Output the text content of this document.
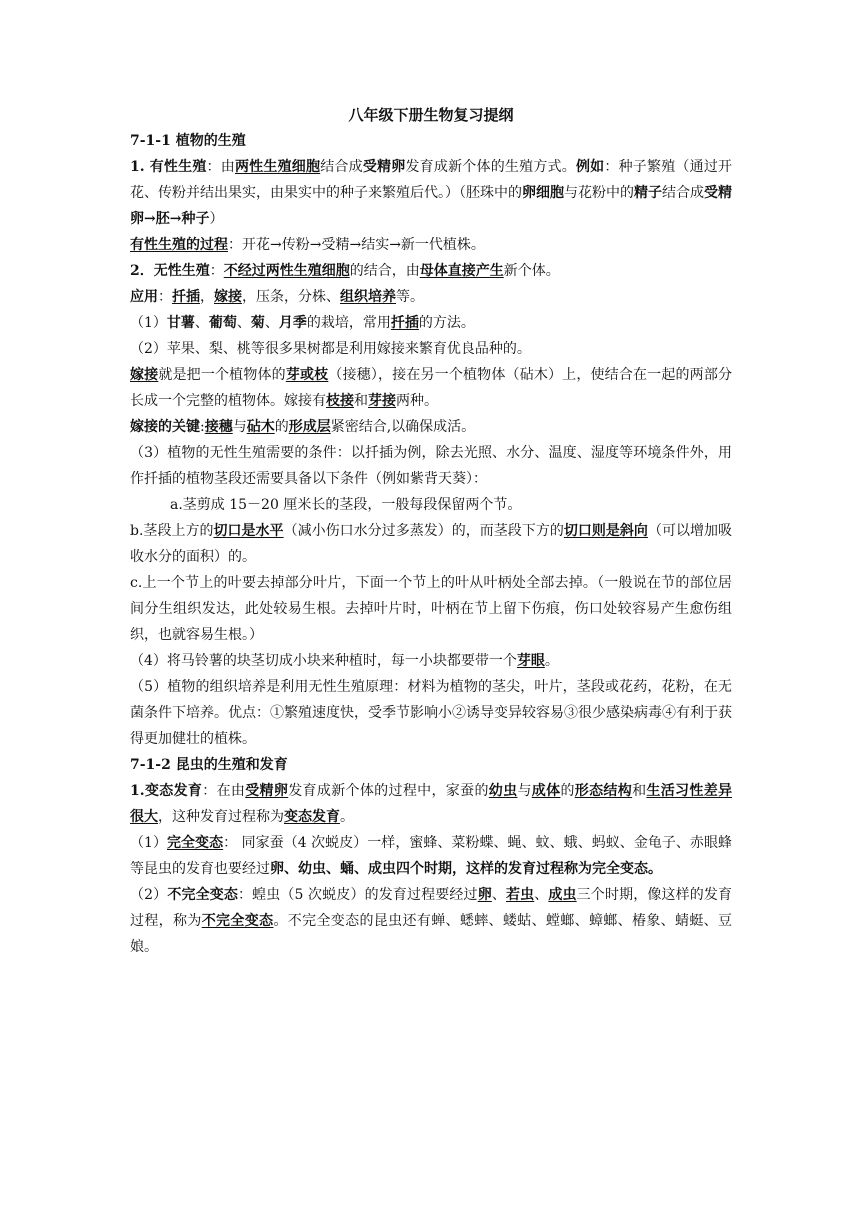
八年级下册生物复习提纲

7-1-1 植物的生殖

1. 有性生殖：由两性生殖细胞结合成受精卵发育成新个体的生殖方式。例如：种子繁殖（通过开花、传粉并结出果实，由果实中的种子来繁殖后代。）（胚珠中的卵细胞与花粉中的精子结合成受精卵→胚→种子）

有性生殖的过程：开花→传粉→受精→结实→新一代植株。

2．无性生殖：不经过两性生殖细胞的结合，由母体直接产生新个体。

应用：扦插，嫁接，压条，分株、组织培养等。

（1）甘薯、葡萄、菊、月季的栽培，常用扦插的方法。

（2）苹果、梨、桃等很多果树都是利用嫁接来繁育优良品种的。

嫁接就是把一个植物体的芽或枝（接穗），接在另一个植物体（砧木）上，使结合在一起的两部分长成一个完整的植物体。嫁接有枝接和芽接两种。

嫁接的关键:接穗与砧木的形成层紧密结合,以确保成活。

（3）植物的无性生殖需要的条件：以扦插为例，除去光照、水分、温度、湿度等环境条件外，用作扦插的植物茎段还需要具备以下条件（例如紫背天葵）：

a.茎剪成 15－20 厘米长的茎段，一般每段保留两个节。

b.茎段上方的切口是水平（减小伤口水分过多蒸发）的，而茎段下方的切口则是斜向（可以增加吸收水分的面积）的。

c.上一个节上的叶要去掉部分叶片，下面一个节上的叶从叶柄处全部去掉。（一般说在节的部位居间分生组织发达，此处较易生根。去掉叶片时，叶柄在节上留下伤痕，伤口处较容易产生愈伤组织，也就容易生根。）

（4）将马铃薯的块茎切成小块来种植时，每一小块都要带一个芽眼。

（5）植物的组织培养是利用无性生殖原理：材料为植物的茎尖，叶片，茎段或花药，花粉，在无菌条件下培养。优点：①繁殖速度快，受季节影响小②诱导变异较容易③很少感染病毒④有利于获得更加健壮的植株。

7-1-2 昆虫的生殖和发育

1.变态发育：在由受精卵发育成新个体的过程中，家蚕的幼虫与成体的形态结构和生活习性差异很大，这种发育过程称为变态发育。

（1）完全变态： 同家蚕（4 次蜕皮）一样，蜜蜂、菜粉蝶、蝇、蚊、蛾、蚂蚁、金龟子、赤眼蜂等昆虫的发育也要经过卵、幼虫、蛹、成虫四个时期，这样的发育过程称为完全变态。

（2）不完全变态：蝗虫（5 次蜕皮）的发育过程要经过卵、若虫、成虫三个时期，像这样的发育过程，称为不完全变态。不完全变态的昆虫还有蝉、蟋蟀、蝼蛄、螳螂、蟑螂、椿象、蜻蜓、豆娘。
